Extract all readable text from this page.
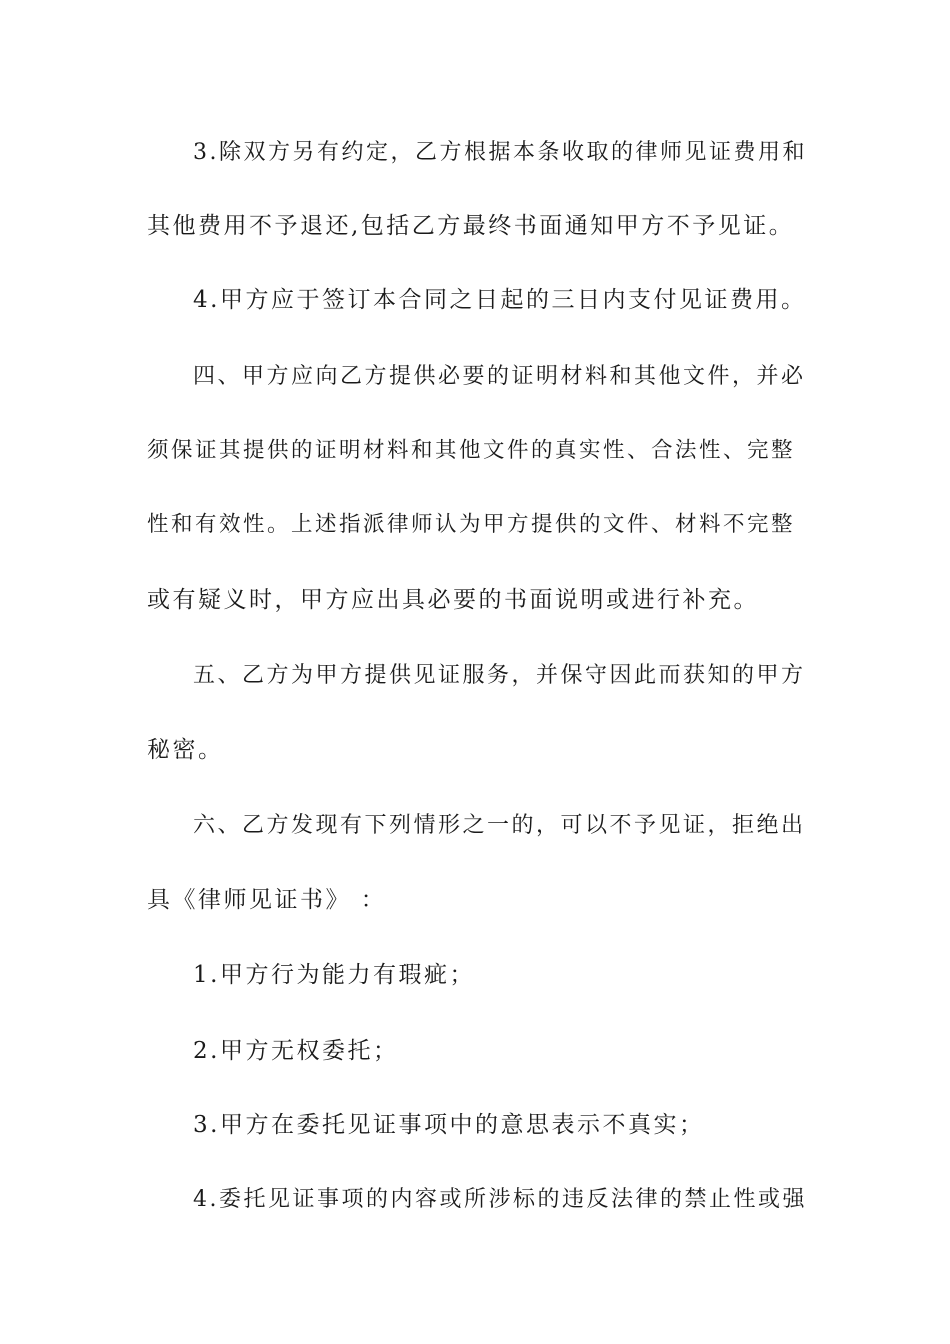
3.除双方另有约定，乙方根据本条收取的律师见证费用和
其他费用不予退还,包括乙方最终书面通知甲方不予见证。
4.甲方应于签订本合同之日起的三日内支付见证费用。
四、甲方应向乙方提供必要的证明材料和其他文件，并必
须保证其提供的证明材料和其他文件的真实性、合法性、完整
性和有效性。上述指派律师认为甲方提供的文件、材料不完整
或有疑义时，甲方应出具必要的书面说明或进行补充。
五、乙方为甲方提供见证服务，并保守因此而获知的甲方
秘密。
六、乙方发现有下列情形之一的，可以不予见证，拒绝出
具《律师见证书》 ：
1.甲方行为能力有瑕疵；
2.甲方无权委托；
3.甲方在委托见证事项中的意思表示不真实；
4.委托见证事项的内容或所涉标的违反法律的禁止性或强
